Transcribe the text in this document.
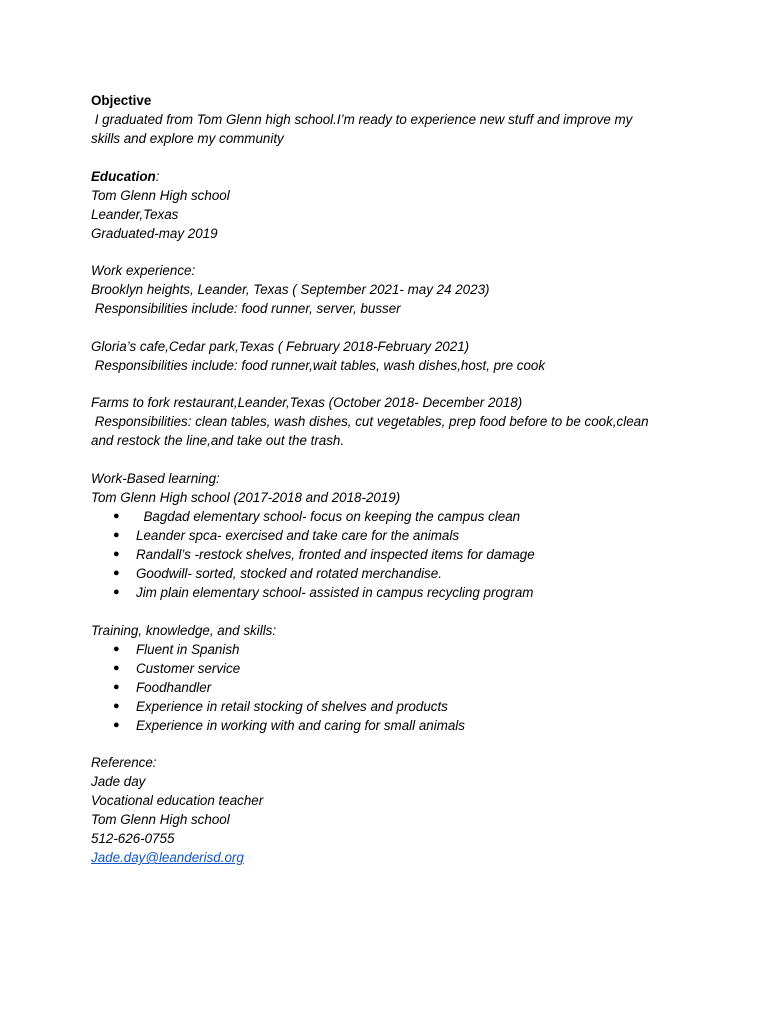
Objective
I graduated from Tom Glenn high school.I’m ready to experience new stuff and improve my
skills and explore my community
Education:
Tom Glenn High school
Leander,Texas
Graduated-may 2019
Work experience:
Brooklyn heights, Leander, Texas ( September 2021- may 24 2023)
Responsibilities include: food runner, server, busser
Gloria’s cafe,Cedar park,Texas ( February 2018-February 2021)
Responsibilities include: food runner,wait tables, wash dishes,host, pre cook
Farms to fork restaurant,Leander,Texas (October 2018- December 2018)
Responsibilities: clean tables, wash dishes, cut vegetables, prep food before to be cook,clean
and restock the line,and take out the trash.
Work-Based learning:
Tom Glenn High school (2017-2018 and 2018-2019)
● Bagdad elementary school- focus on keeping the campus clean
● Leander spca- exercised and take care for the animals
● Randall’s -restock shelves, fronted and inspected items for damage
● Goodwill- sorted, stocked and rotated merchandise.
● Jim plain elementary school- assisted in campus recycling program
Training, knowledge, and skills:
● Fluent in Spanish
● Customer service
● Foodhandler
● Experience in retail stocking of shelves and products
● Experience in working with and caring for small animals
Reference:
Jade day
Vocational education teacher
Tom Glenn High school
512-626-0755
Jade.day@leanderisd.org
